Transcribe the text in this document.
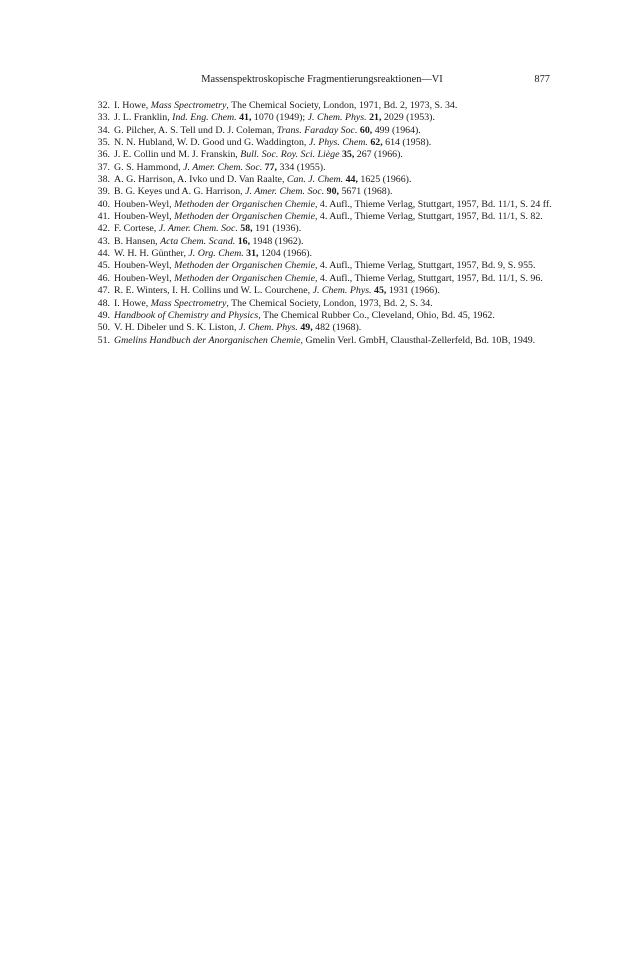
Massenspektroskopische Fragmentierungsreaktionen—VI	877
32. I. Howe, Mass Spectrometry, The Chemical Society, London, 1971, Bd. 2, 1973, S. 34.
33. J. L. Franklin, Ind. Eng. Chem. 41, 1070 (1949); J. Chem. Phys. 21, 2029 (1953).
34. G. Pilcher, A. S. Tell und D. J. Coleman, Trans. Faraday Soc. 60, 499 (1964).
35. N. N. Hubland, W. D. Good und G. Waddington, J. Phys. Chem. 62, 614 (1958).
36. J. E. Collin und M. J. Franskin, Bull. Soc. Roy. Sci. Liège 35, 267 (1966).
37. G. S. Hammond, J. Amer. Chem. Soc. 77, 334 (1955).
38. A. G. Harrison, A. Ivko und D. Van Raalte, Can. J. Chem. 44, 1625 (1966).
39. B. G. Keyes und A. G. Harrison, J. Amer. Chem. Soc. 90, 5671 (1968).
40. Houben-Weyl, Methoden der Organischen Chemie, 4. Aufl., Thieme Verlag, Stuttgart, 1957, Bd. 11/1, S. 24 ff.
41. Houben-Weyl, Methoden der Organischen Chemie, 4. Aufl., Thieme Verlag, Stuttgart, 1957, Bd. 11/1, S. 82.
42. F. Cortese, J. Amer. Chem. Soc. 58, 191 (1936).
43. B. Hansen, Acta Chem. Scand. 16, 1948 (1962).
44. W. H. H. Günther, J. Org. Chem. 31, 1204 (1966).
45. Houben-Weyl, Methoden der Organischen Chemie, 4. Aufl., Thieme Verlag, Stuttgart, 1957, Bd. 9, S. 955.
46. Houben-Weyl, Methoden der Organischen Chemie, 4. Aufl., Thieme Verlag, Stuttgart, 1957, Bd. 11/1, S. 96.
47. R. E. Winters, I. H. Collins und W. L. Courchene, J. Chem. Phys. 45, 1931 (1966).
48. I. Howe, Mass Spectrometry, The Chemical Society, London, 1973, Bd. 2, S. 34.
49. Handbook of Chemistry and Physics, The Chemical Rubber Co., Cleveland, Ohio, Bd. 45, 1962.
50. V. H. Dibeler und S. K. Liston, J. Chem. Phys. 49, 482 (1968).
51. Gmelins Handbuch der Anorganischen Chemie, Gmelin Verl. GmbH, Clausthal-Zellerfeld, Bd. 10B, 1949.
